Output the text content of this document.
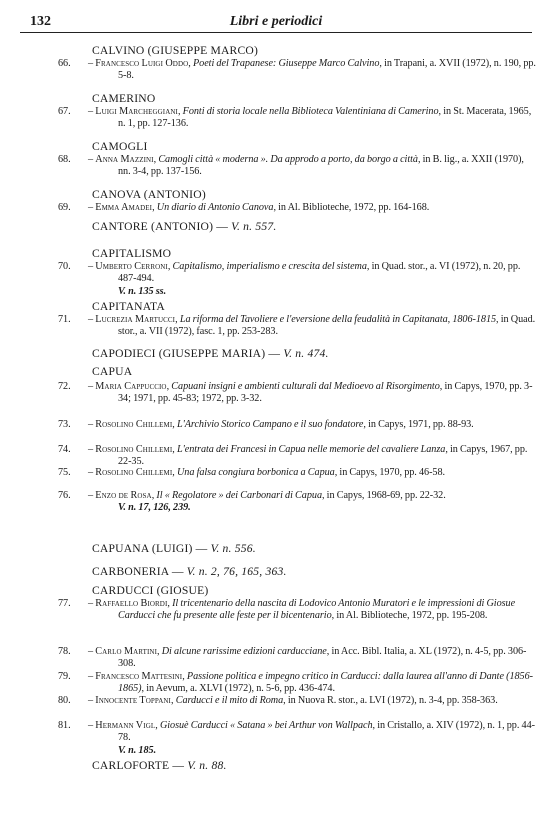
132	Libri e periodici
CALVINO (GIUSEPPE MARCO)
66. – Francesco Luigi Oddo, Poeti del Trapanese: Giuseppe Marco Calvino, in Trapani, a. XVII (1972), n. 190, pp. 5-8.
CAMERINO
67. – Luigi Marcheggiani, Fonti di storia locale nella Biblioteca Valentiniana di Camerino, in St. Macerata, 1965, n. 1, pp. 127-136.
CAMOGLI
68. – Anna Mazzini, Camogli città « moderna ». Da approdo a porto, da borgo a città, in B. lig., a. XXII (1970), nn. 3-4, pp. 137-156.
CANOVA (ANTONIO)
69. – Emma Amadei, Un diario di Antonio Canova, in Al. Biblioteche, 1972, pp. 164-168.
CANTORE (ANTONIO) — V. n. 557.
CAPITALISMO
70. – Umberto Cerroni, Capitalismo, imperialismo e crescita del sistema, in Quad. stor., a. VI (1972), n. 20, pp. 487-494.
V. n. 135 ss.
CAPITANATA
71. – Lucrezia Martucci, La riforma del Tavoliere e l'eversione della feudalità in Capitanata, 1806-1815, in Quad. stor., a. VII (1972), fasc. 1, pp. 253-283.
CAPODIECI (GIUSEPPE MARIA) — V. n. 474.
CAPUA
72. – Maria Cappuccio, Capuani insigni e ambienti culturali dal Medioevo al Risorgimento, in Capys, 1970, pp. 3-34; 1971, pp. 45-83; 1972, pp. 3-32.
73. – Rosolino Chillemi, L'Archivio Storico Campano e il suo fondatore, in Capys, 1971, pp. 88-93.
74. – Rosolino Chillemi, L'entrata dei Francesi in Capua nelle memorie del cavaliere Lanza, in Capys, 1967, pp. 22-35.
75. – Rosolino Chillemi, Una falsa congiura borbonica a Capua, in Capys, 1970, pp. 46-58.
76. – Enzo de Rosa, Il « Regolatore » dei Carbonari di Capua, in Capys, 1968-69, pp. 22-32.
V. n. 17, 126, 239.
CAPUANA (LUIGI) — V. n. 556.
CARBONERIA — V. n. 2, 76, 165, 363.
CARDUCCI (GIOSUE)
77. – Raffaello Biordi, Il tricentenario della nascita di Lodovico Antonio Muratori e le impressioni di Giosue Carducci che fu presente alle feste per il bicentenario, in Al. Biblioteche, 1972, pp. 195-208.
78. – Carlo Martini, Di alcune rarissime edizioni carducciane, in Acc. Bibl. Italia, a. XL (1972), n. 4-5, pp. 306-308.
79. – Francesco Mattesini, Passione politica e impegno critico in Carducci: dalla laurea all'anno di Dante (1856-1865), in Aevum, a. XLVI (1972), n. 5-6, pp. 436-474.
80. – Innocente Toppani, Carducci e il mito di Roma, in Nuova R. stor., a. LVI (1972), n. 3-4, pp. 358-363.
81. – Hermann Vigl, Giosuè Carducci « Satana » bei Arthur von Wallpach, in Cristallo, a. XIV (1972), n. 1, pp. 44-78.
V. n. 185.
CARLOFORTE — V. n. 88.
